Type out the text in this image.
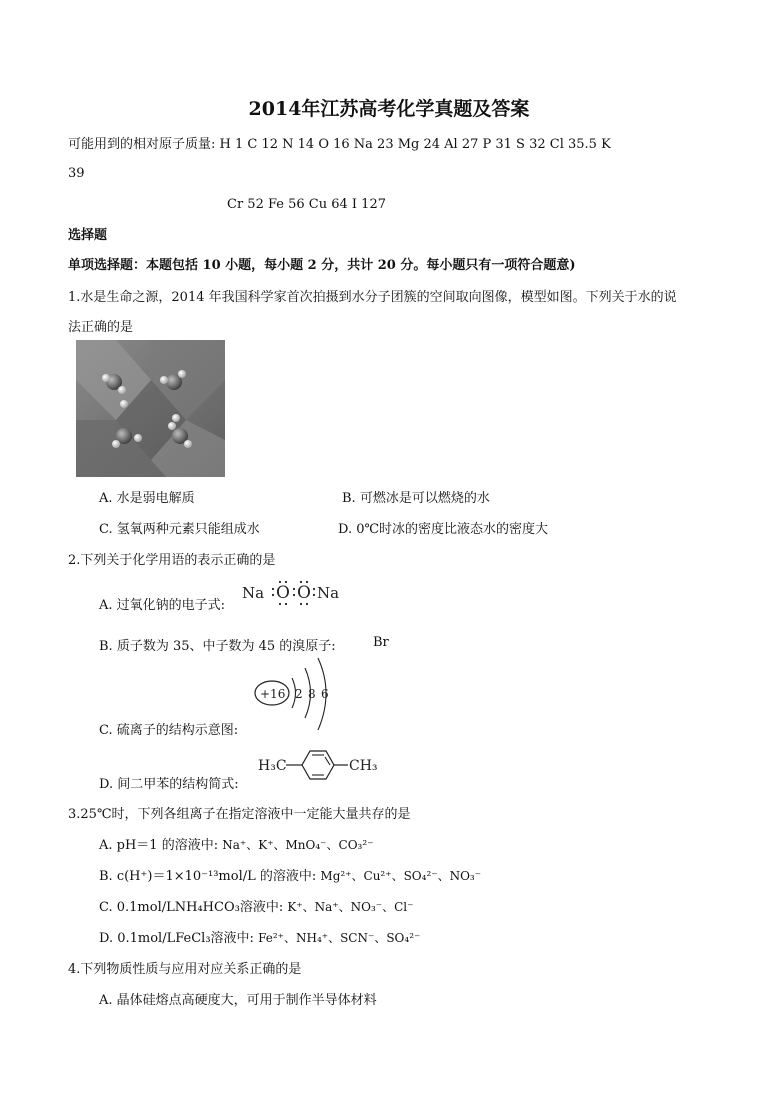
2014年江苏高考化学真题及答案
可能用到的相对原子质量: H 1 C 12 N 14 O 16 Na 23 Mg 24 Al 27 P 31 S 32 Cl 35.5 K
39
Cr 52 Fe 56 Cu 64 I 127
选择题
单项选择题：本题包括 10 小题，每小题 2 分，共计 20 分。每小题只有一项符合题意)
1.水是生命之源，2014 年我国科学家首次拍摄到水分子团簇的空间取向图像，模型如图。下列关于水的说
法正确的是
A. 水是弱电解质	B. 可燃冰是可以燃烧的水
C. 氢氧两种元素只能组成水	D. 0℃时冰的密度比液态水的密度大
2.下列关于化学用语的表示正确的是
A. 过氧化钠的电子式:
Na O O Na
B. 质子数为 35、中子数为 45 的溴原子:	Br
+16 2 8 6
C. 硫离子的结构示意图:
H₃C	CH₃
D. 间二甲苯的结构简式:
3.25℃时，下列各组离子在指定溶液中一定能大量共存的是
A. pH＝1 的溶液中: Na⁺、K⁺、MnO₄⁻、CO₃²⁻
B. c(H⁺)＝1×10⁻¹³mol/L 的溶液中: Mg²⁺、Cu²⁺、SO₄²⁻、NO₃⁻
C. 0.1mol/LNH₄HCO₃溶液中: K⁺、Na⁺、NO₃⁻、Cl⁻
D. 0.1mol/LFeCl₃溶液中: Fe²⁺、NH₄⁺、SCN⁻、SO₄²⁻
4.下列物质性质与应用对应关系正确的是
A. 晶体硅熔点高硬度大，可用于制作半导体材料
